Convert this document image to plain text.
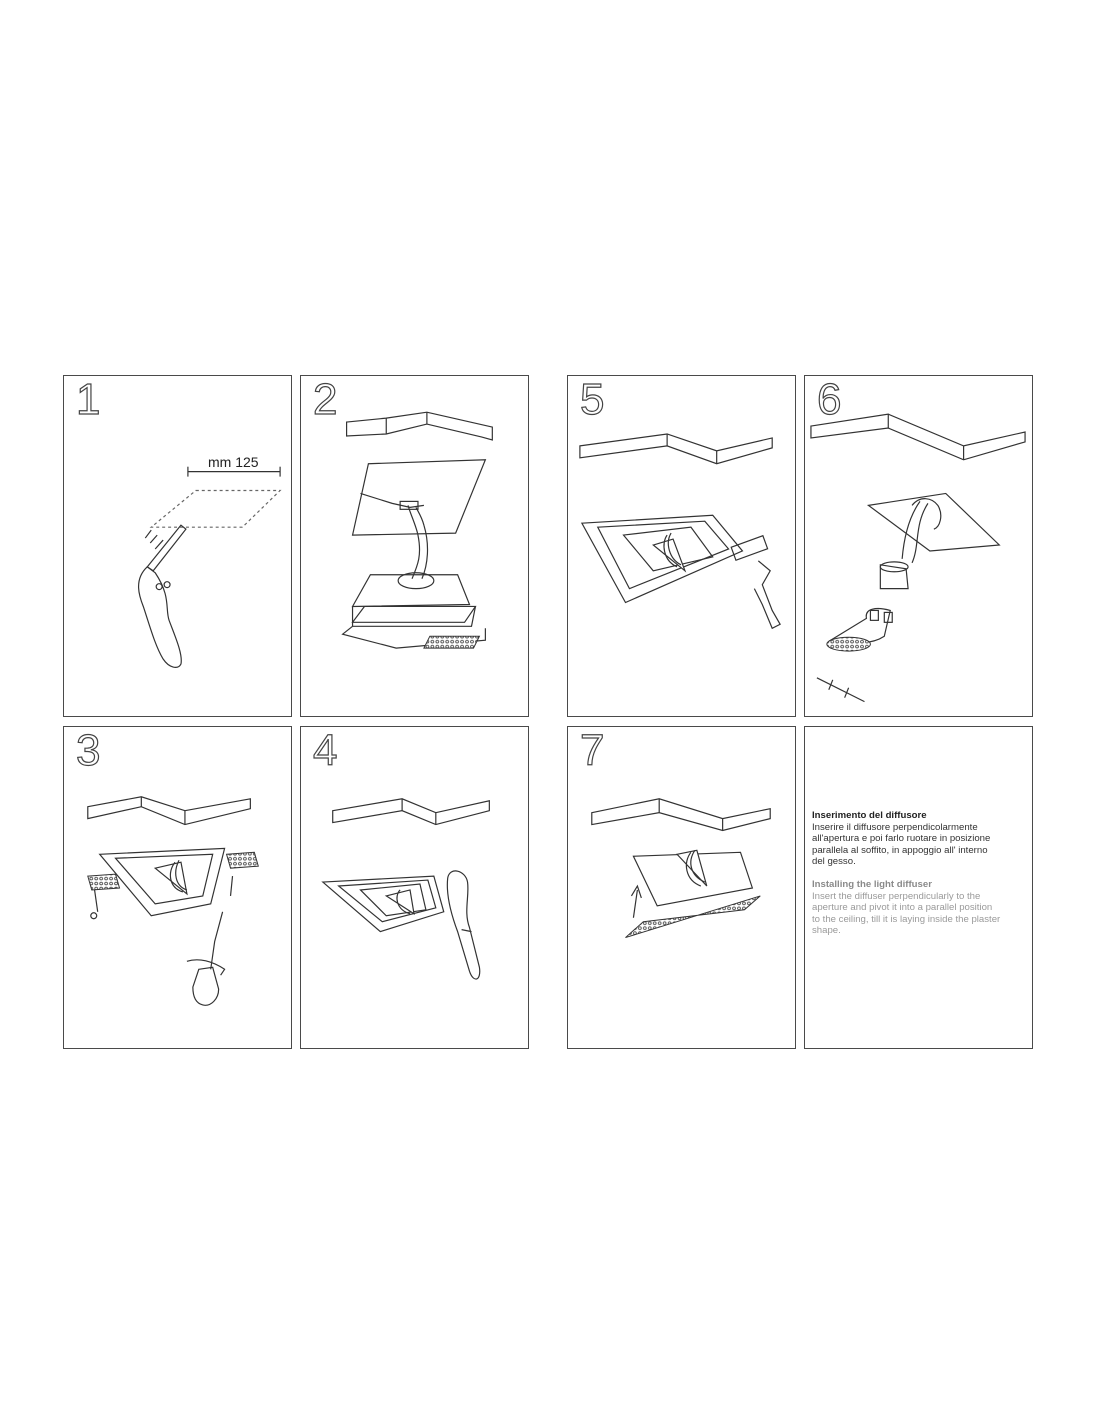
1
mm 125
2	5	6
3	4	7
Inserimento del diffusore
Inserire il diffusore perpendicolarmente
all'apertura e poi farlo ruotare in posizione
parallela al soffito, in appoggio all' interno
del gesso.
Installing the light diffuser
Insert the diffuser perpendicularly to the
aperture and pivot it into a parallel position
to the ceiling, till it is laying inside the plaster
shape.
